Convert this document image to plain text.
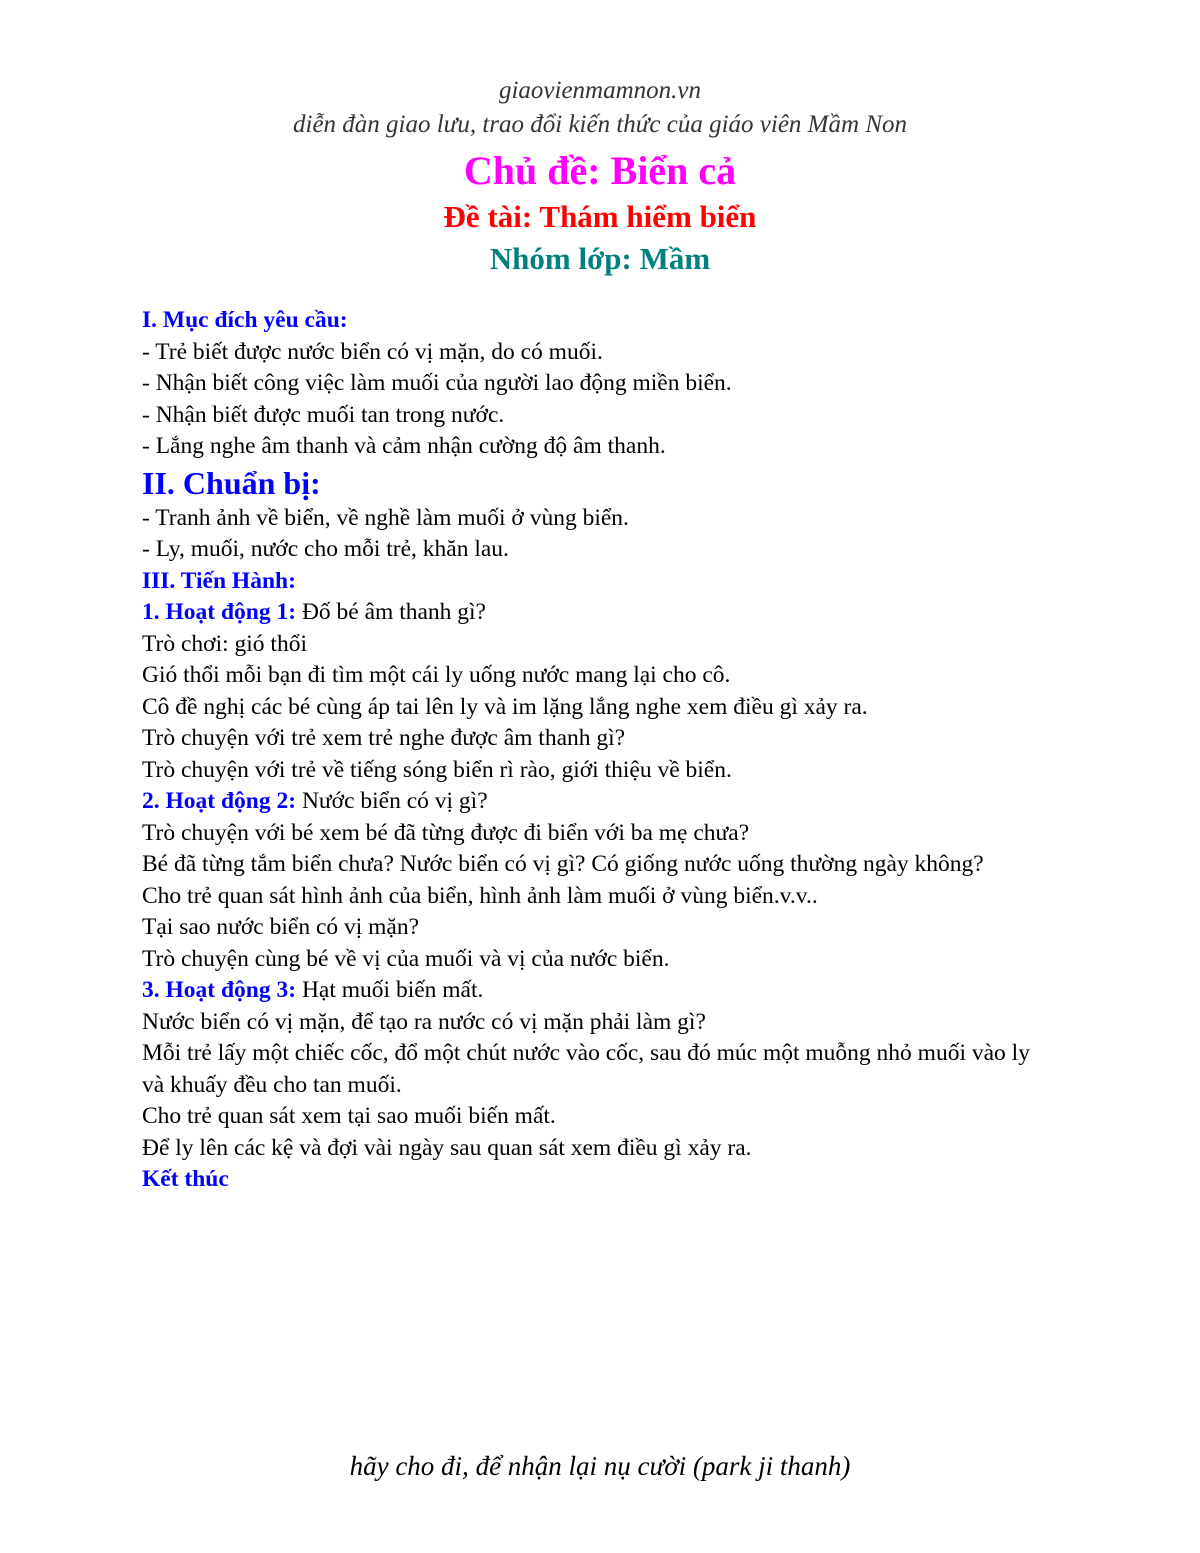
giaovienmamnon.vn
diễn đàn giao lưu, trao đổi kiến thức của giáo viên Mầm Non
Chủ đề: Biển cả
Đề tài: Thám hiểm biển
Nhóm lớp: Mầm

I. Mục đích yêu cầu:

- Trẻ biết được nước biển có vị mặn, do có muối.

- Nhận biết công việc làm muối của người lao động miền biển.

- Nhận biết được muối tan trong nước.

- Lắng nghe âm thanh và cảm nhận cường độ âm thanh.

II. Chuẩn bị:

- Tranh ảnh về biển, về nghề làm muối ở vùng biển.

- Ly, muối, nước cho mỗi trẻ, khăn lau.

III. Tiến Hành:

1. Hoạt động 1: Đố bé âm thanh gì?

Trò chơi: gió thổi

Gió thổi mỗi bạn đi tìm một cái ly uống nước mang lại cho cô.

Cô đề nghị các bé cùng áp tai lên ly và im lặng lắng nghe xem điều gì xảy ra.

Trò chuyện với trẻ xem trẻ nghe được âm thanh gì?

Trò chuyện với trẻ về tiếng sóng biển rì rào, giới thiệu về biển.

2. Hoạt động 2: Nước biển có vị gì?

Trò chuyện với bé xem bé đã từng được đi biển với ba mẹ chưa?

Bé đã từng tắm biển chưa? Nước biển có vị gì? Có giống nước uống thường ngày không?

Cho trẻ quan sát hình ảnh của biển, hình ảnh làm muối ở vùng biển.v.v..

Tại sao nước biển có vị mặn?

Trò chuyện cùng bé về vị của muối và vị của nước biển.

3. Hoạt động 3: Hạt muối biến mất.

Nước biển có vị mặn, để tạo ra nước có vị mặn phải làm gì?

Mỗi trẻ lấy một chiếc cốc, đổ một chút nước vào cốc, sau đó múc một muỗng nhỏ muối vào ly và khuấy đều cho tan muối.

Cho trẻ quan sát xem tại sao muối biến mất.

Để ly lên các kệ và đợi vài ngày sau quan sát xem điều gì xảy ra.

Kết thúc

hãy cho đi, để nhận lại nụ cười (park ji thanh)
